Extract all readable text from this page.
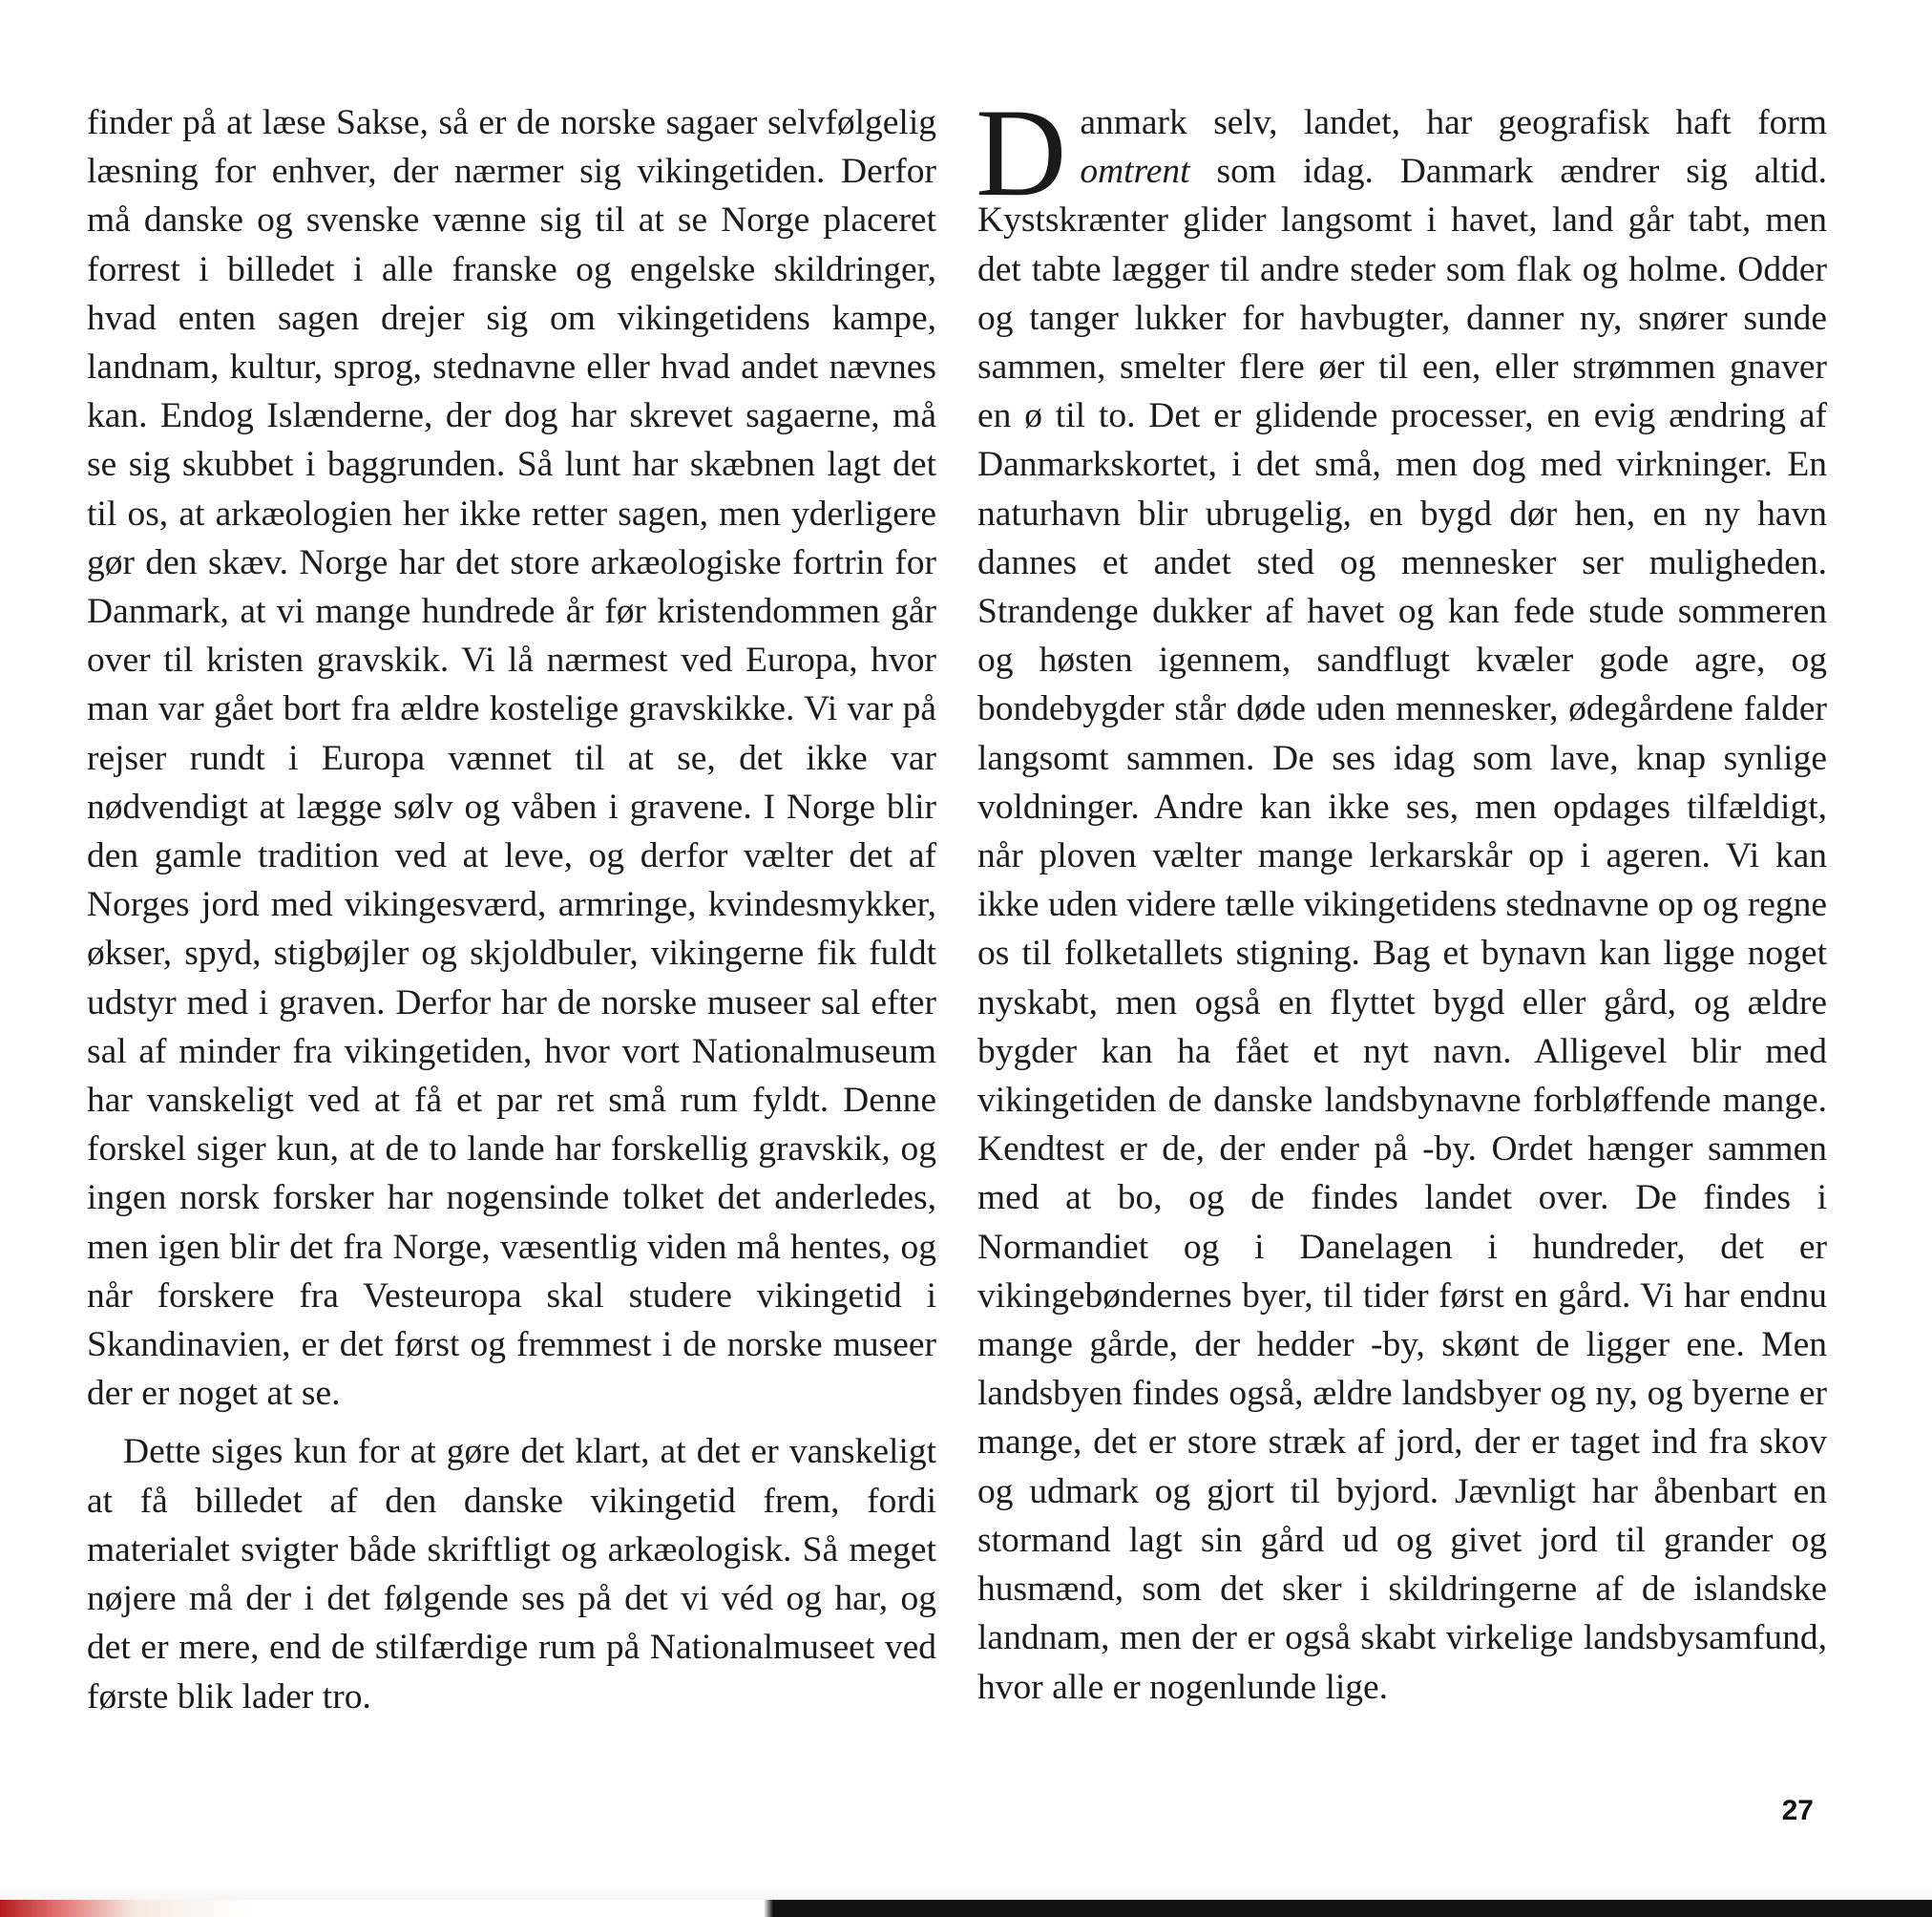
finder på at læse Sakse, så er de norske sagaer selvfølgelig læsning for enhver, der nærmer sig vikingetiden. Derfor må danske og svenske vænne sig til at se Norge placeret forrest i billedet i alle franske og engelske skildringer, hvad enten sagen drejer sig om vikingetidens kampe, landnam, kultur, sprog, stednavne eller hvad andet nævnes kan. Endog Islænderne, der dog har skrevet sagaerne, må se sig skubbet i baggrunden. Så lunt har skæbnen lagt det til os, at arkæologien her ikke retter sagen, men yderligere gør den skæv. Norge har det store arkæologiske fortrin for Danmark, at vi mange hundrede år før kristendommen går over til kristen gravskik. Vi lå nærmest ved Europa, hvor man var gået bort fra ældre kostelige gravskikke. Vi var på rejser rundt i Europa vænnet til at se, det ikke var nødvendigt at lægge sølv og våben i gravene. I Norge blir den gamle tradition ved at leve, og derfor vælter det af Norges jord med vikingesværd, armringe, kvindesmykker, økser, spyd, stigbøjler og skjoldbuler, vikingerne fik fuldt udstyr med i graven. Derfor har de norske museer sal efter sal af minder fra vikingetiden, hvor vort Nationalmuseum har vanskeligt ved at få et par ret små rum fyldt. Denne forskel siger kun, at de to lande har forskellig gravskik, og ingen norsk forsker har nogensinde tolket det anderledes, men igen blir det fra Norge, væsentlig viden må hentes, og når forskere fra Vesteuropa skal studere vikingetid i Skandinavien, er det først og fremmest i de norske museer der er noget at se.

Dette siges kun for at gøre det klart, at det er vanskeligt at få billedet af den danske vikingetid frem, fordi materialet svigter både skriftligt og arkæologisk. Så meget nøjere må der i det følgende ses på det vi véd og har, og det er mere, end de stilfærdige rum på Nationalmuseet ved første blik lader tro.

Danmark selv, landet, har geografisk haft form omtrent som idag. Danmark ændrer sig altid. Kystskrænter glider langsomt i havet, land går tabt, men det tabte lægger til andre steder som flak og holme. Odder og tanger lukker for havbugter, danner ny, snører sunde sammen, smelter flere øer til een, eller strømmen gnaver en ø til to. Det er glidende processer, en evig ændring af Danmarkskortet, i det små, men dog med virkninger. En naturhavn blir ubrugelig, en bygd dør hen, en ny havn dannes et andet sted og mennesker ser muligheden. Strandenge dukker af havet og kan fede stude sommeren og høsten igennem, sandflugt kvæler gode agre, og bondebygder står døde uden mennesker, ødegårdene falder langsomt sammen. De ses idag som lave, knap synlige voldninger. Andre kan ikke ses, men opdages tilfældigt, når ploven vælter mange lerkarskår op i ageren. Vi kan ikke uden videre tælle vikingetidens stednavne op og regne os til folketallets stigning. Bag et bynavn kan ligge noget nyskabt, men også en flyttet bygd eller gård, og ældre bygder kan ha fået et nyt navn. Alligevel blir med vikingetiden de danske landsbynavne forbløffende mange. Kendtest er de, der ender på -by. Ordet hænger sammen med at bo, og de findes landet over. De findes i Normandiet og i Danelagen i hundreder, det er vikingebøndernes byer, til tider først en gård. Vi har endnu mange gårde, der hedder -by, skønt de ligger ene. Men landsbyen findes også, ældre landsbyer og ny, og byerne er mange, det er store stræk af jord, der er taget ind fra skov og udmark og gjort til byjord. Jævnligt har åbenbart en stormand lagt sin gård ud og givet jord til grander og husmænd, som det sker i skildringerne af de islandske landnam, men der er også skabt virkelige landsbysamfund, hvor alle er nogenlunde lige.

27
